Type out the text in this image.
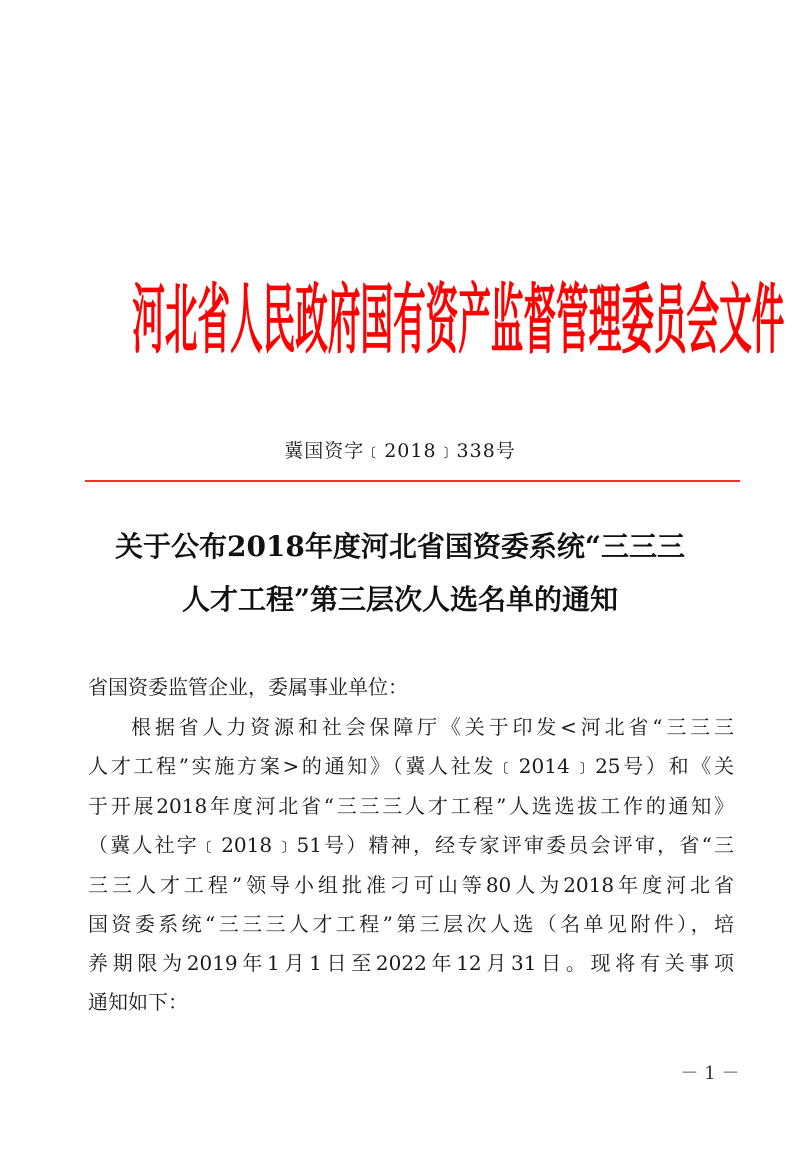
河北省人民政府国有资产监督管理委员会文件
冀国资字﹝2018﹞338号
关于公布2018年度河北省国资委系统“三三三
人才工程”第三层次人选名单的通知
省国资委监管企业，委属事业单位：
根据省人力资源和社会保障厅《关于印发<河北省“三三三
人才工程”实施方案>的通知》（冀人社发﹝2014﹞25号）和《关
于开展2018年度河北省“三三三人才工程”人选选拔工作的通知》
（冀人社字﹝2018﹞51号）精神，经专家评审委员会评审，省“三
三三人才工程”领导小组批准刁可山等80人为2018年度河北省
国资委系统“三三三人才工程”第三层次人选（名单见附件），培
养期限为2019年1月1日至2022年12月31日。现将有关事项
通知如下：
－ 1 －
